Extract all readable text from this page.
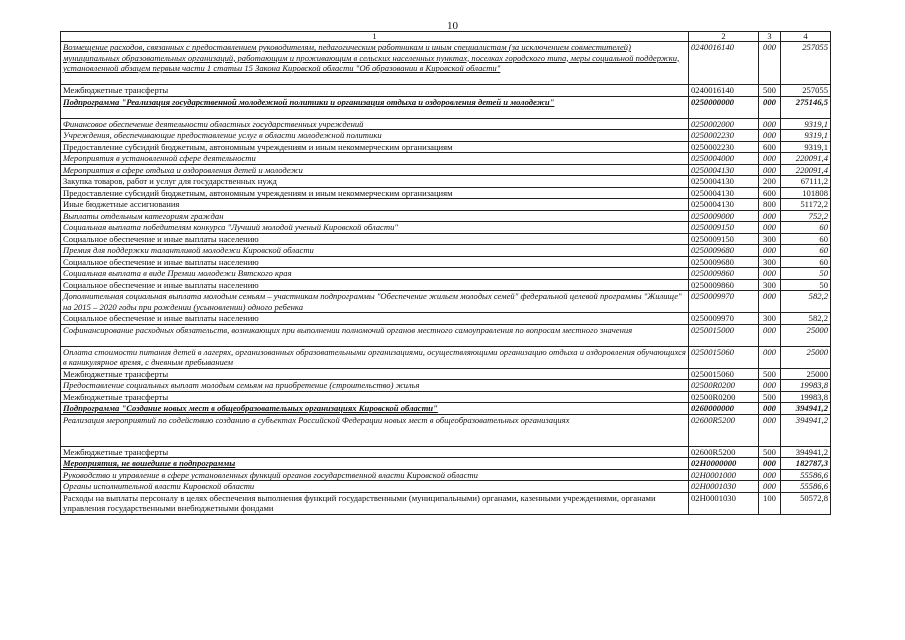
10
1	2	3	4
Возмещение расходов, связанных с предоставлением руководителям, педагогическим работникам и иным специалистам (за исключением совместителей) муниципальных образовательных организаций, работающим и проживающим в сельских населенных пунктах, поселках городского типа, меры социальной поддержки, установленной абзацем первым части 1 статьи 15 Закона Кировской области "Об образовании в Кировской области"	0240016140	000	257055
Межбюджетные трансферты	0240016140	500	257055
Подпрограмма "Реализация государственной молодежной политики и организация отдыха и оздоровления детей и молодежи"	0250000000	000	275146,5
Финансовое обеспечение деятельности областных государственных учреждений	0250002000	000	9319,1
Учреждения, обеспечивающие предоставление услуг в области молодежной политики	0250002230	000	9319,1
Предоставление субсидий бюджетным, автономным учреждениям и иным некоммерческим организациям	0250002230	600	9319,1
Мероприятия в установленной сфере деятельности	0250004000	000	220091,4
Мероприятия в сфере отдыха и оздоровления детей и молодежи	0250004130	000	220091,4
Закупка товаров, работ и услуг для государственных нужд	0250004130	200	67111,2
Предоставление субсидий бюджетным, автономным учреждениям и иным некоммерческим организациям	0250004130	600	101808
Иные бюджетные ассигнования	0250004130	800	51172,2
Выплаты отдельным категориям граждан	0250009000	000	752,2
Социальная выплата победителям конкурса "Лучший молодой ученый Кировской области"	0250009150	000	60
Социальное обеспечение и иные выплаты населению	0250009150	300	60
Премия для поддержки талантливой молодежи Кировской области	0250009680	000	60
Социальное обеспечение и иные выплаты населению	0250009680	300	60
Социальная выплата в виде Премии молодежи Вятского края	0250009860	000	50
Социальное обеспечение и иные выплаты населению	0250009860	300	50
Дополнительная социальная выплата молодым семьям – участникам подпрограммы "Обеспечение жильем молодых семей" федеральной целевой программы "Жилище" на 2015 – 2020 годы при рождении (усыновлении) одного ребенка	0250009970	000	582,2
Социальное обеспечение и иные выплаты населению	0250009970	300	582,2
Софинансирование расходных обязательств, возникающих при выполнении полномочий органов местного самоуправления по вопросам местного значения	0250015000	000	25000
Оплата стоимости питания детей в лагерях, организованных образовательными организациями, осуществляющими организацию отдыха и оздоровления обучающихся в каникулярное время, с дневным пребыванием	0250015060	000	25000
Межбюджетные трансферты	0250015060	500	25000
Предоставление социальных выплат молодым семьям на приобретение (строительство) жилья	02500R0200	000	19983,8
Межбюджетные трансферты	02500R0200	500	19983,8
Подпрограмма "Создание новых мест в общеобразовательных организациях Кировской области"	0260000000	000	394941,2
Реализация мероприятий по содействию созданию в субъектах Российской Федерации новых мест в общеобразовательных организациях	02600R5200	000	394941,2
Межбюджетные трансферты	02600R5200	500	394941,2
Мероприятия, не вошедшие в подпрограммы	02Н0000000	000	182787,3
Руководство и управление в сфере установленных функций органов государственной власти Кировской области	02Н0001000	000	55586,6
Органы исполнительной власти Кировской области	02Н0001030	000	55586,6
Расходы на выплаты персоналу в целях обеспечения выполнения функций государственными (муниципальными) органами, казенными учреждениями, органами управления государственными внебюджетными фондами	02Н0001030	100	50572,8
